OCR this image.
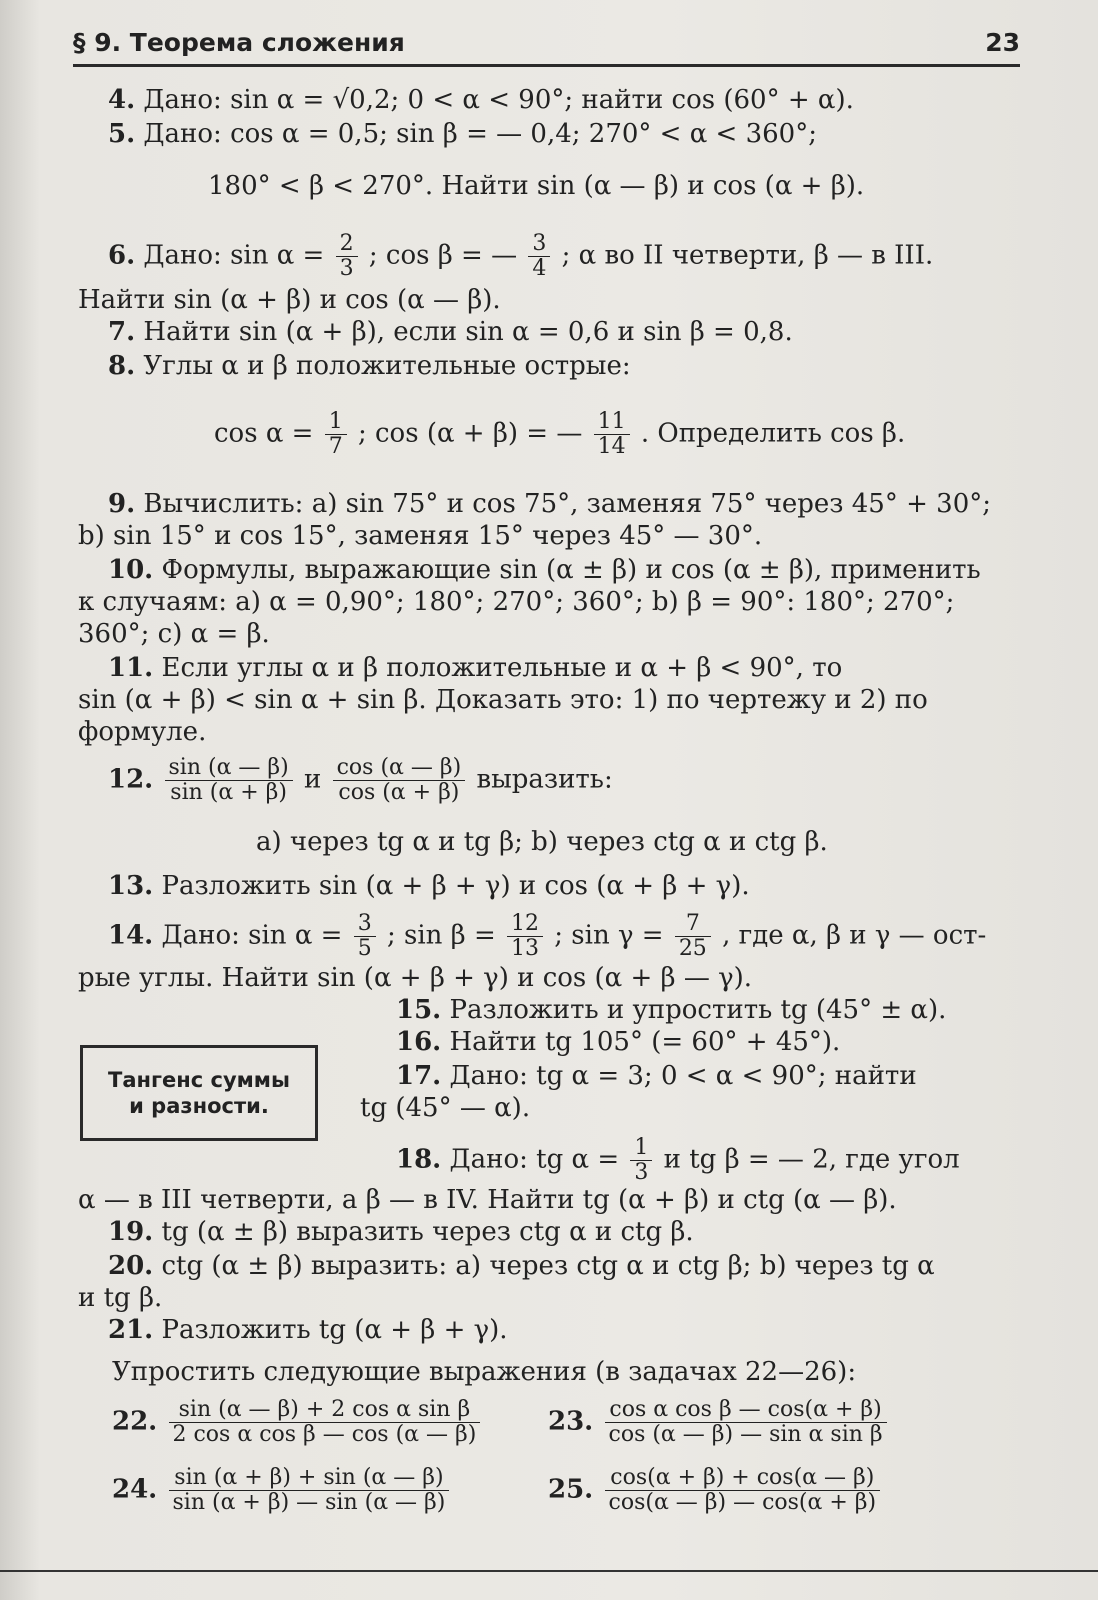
§ 9. Теорема сложения	23
4. Дано: sin α = √0,2; 0 < α < 90°; найти cos (60° + α).
5. Дано: cos α = 0,5; sin β = — 0,4; 270° < α < 360°;
180° < β < 270°. Найти sin (α — β) и cos (α + β).
6. Дано: $\sin \alpha = \frac{2}{3}$ ; cos β = — $\frac{3}{4}$ ; α во II четверти, β — в III.
Найти sin (α + β) и cos (α — β).
7. Найти sin (α + β), если sin α = 0,6 и sin β = 0,8.
8. Углы α и β положительные острые:
$\cos \alpha = \frac{1}{7}$ ; cos (α + β) = — $\frac{11}{14}$ . Определить cos β.
9. Вычислить: а) sin 75° и cos 75°, заменяя 75° через 45° + 30°;
b) sin 15° и cos 15°, заменяя 15° через 45° — 30°.
10. Формулы, выражающие sin (α ± β) и cos (α ± β), применить
к случаям: а) α = 0,90°; 180°; 270°; 360°; b) β = 90°: 180°; 270°;
360°; с) α = β.
11. Если углы α и β положительные и α + β < 90°, то
sin (α + β) < sin α + sin β. Доказать это: 1) по чертежу и 2) по
формуле.
12. $\frac{\sin (\alpha — \beta)}{\sin (\alpha + \beta)}$ и $\frac{\cos (\alpha — \beta)}{\cos (\alpha + \beta)}$ выразить:
а) через tg α и tg β; b) через ctg α и ctg β.
13. Разложить sin (α + β + γ) и cos (α + β + γ).
14. Дано: $\sin \alpha = \frac{3}{5}$ ; $\sin \beta = \frac{12}{13}$ ; $\sin \gamma = \frac{7}{25}$ , где α, β и γ — ост-
рые углы. Найти sin (α + β + γ) и cos (α + β — γ).
Тангенс суммы
и разности.
15. Разложить и упростить tg (45° ± α).
16. Найти tg 105° (= 60° + 45°).
17. Дано: tg α = 3; 0 < α < 90°; найти
tg (45° — α).
18. Дано: tg $\alpha = \frac{1}{3}$ и tg β = — 2, где угол
α — в III четверти, а β — в IV. Найти tg (α + β) и ctg (α — β).
19. tg (α ± β) выразить через ctg α и ctg β.
20. ctg (α ± β) выразить: а) через ctg α и ctg β; b) через tg α
и tg β.
21. Разложить tg (α + β + γ).
Упростить следующие выражения (в задачах 22—26):
22. $\frac{\text{sin (α — β) + 2 cos α sin β}}{\text{2 cos α cos β — cos (α — β)}}$	23. $\frac{\text{cos α cos β — cos(α + β)}}{\text{cos (α — β) — sin α sin β}}$
24. $\frac{\sin (\alpha + \beta) + \sin (\alpha — \beta)}{\sin (\alpha + \beta) — \sin (\alpha — \beta)}$	25. $\frac{\cos(\alpha + \beta) + \cos(\alpha — \beta)}{\cos(\alpha — \beta) — \cos(\alpha + \beta)}$
